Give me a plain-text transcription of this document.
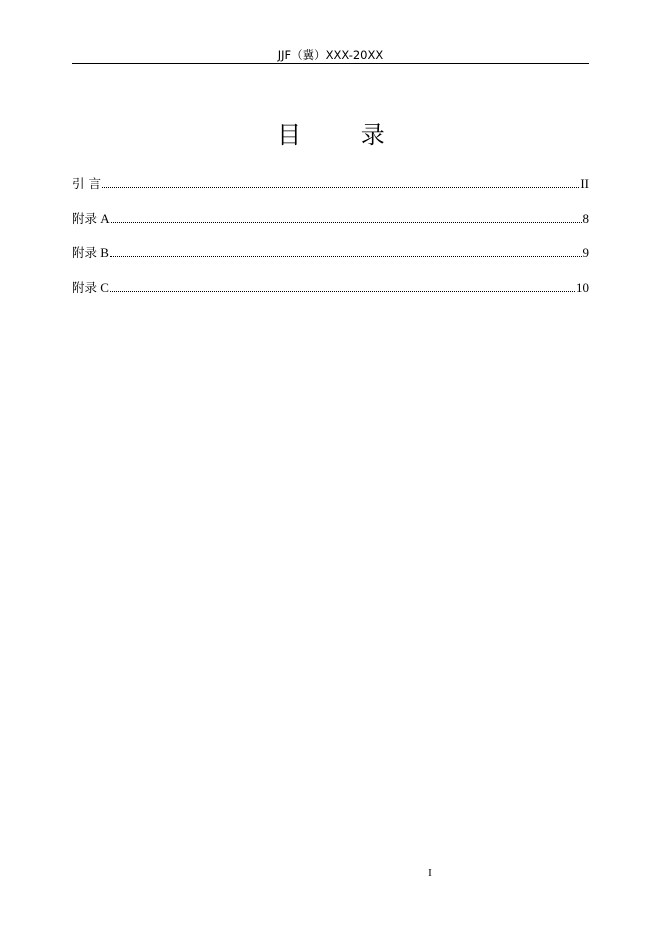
JJF（冀）XXX-20XX
目 录
引 言	II
附录 A	8
附录 B	9
附录 C	10
I
